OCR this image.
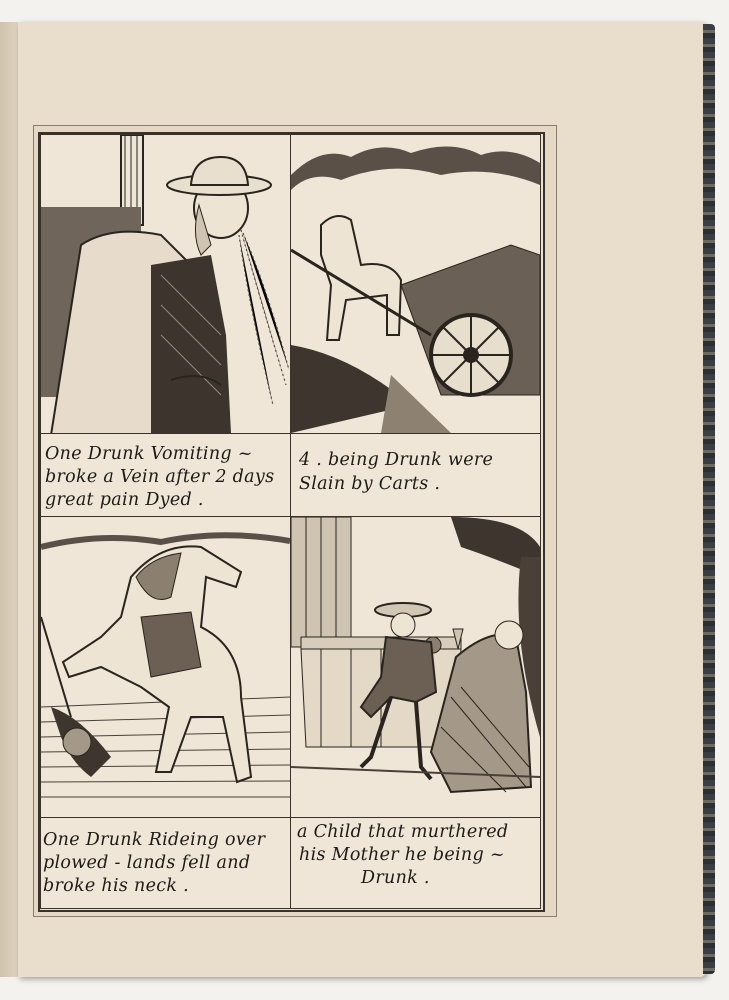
One Drunk Vomiting ~
broke a Vein after 2 days
great pain Dyed .
4 . being Drunk were
Slain by Carts .
One Drunk Rideing over
plowed - lands fell and
broke his neck .
a Child that murthered
his Mother he being ~
Drunk .
